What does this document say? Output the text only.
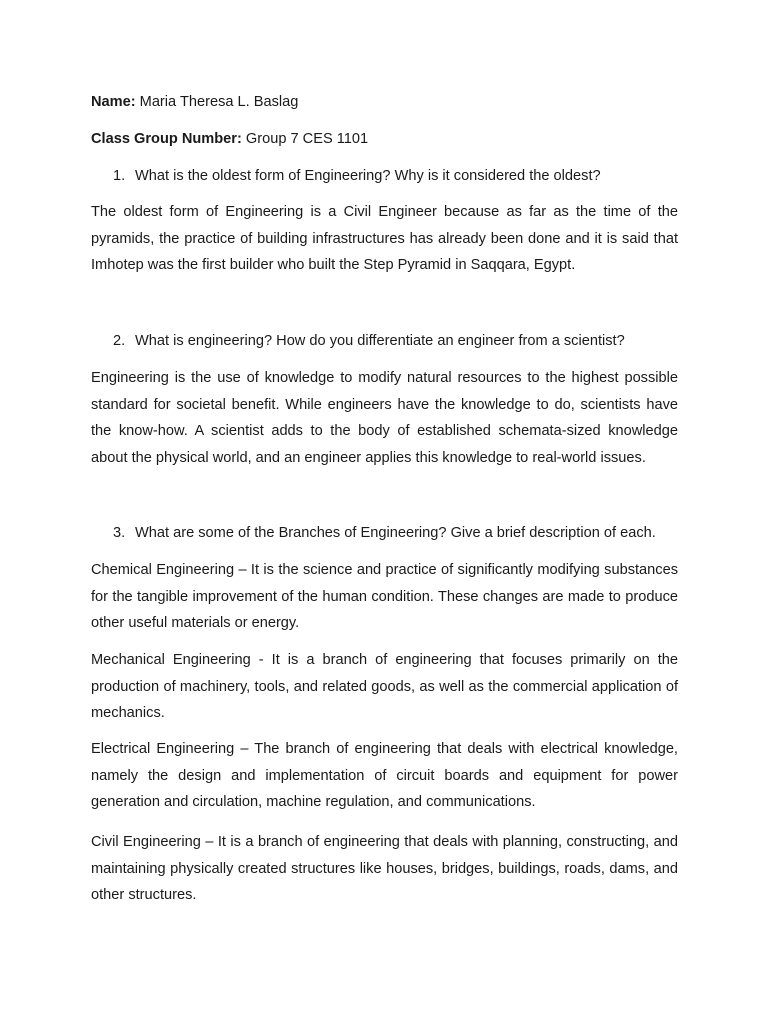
Name: Maria Theresa L. Baslag
Class Group Number: Group 7 CES 1101
1. What is the oldest form of Engineering? Why is it considered the oldest?

The oldest form of Engineering is a Civil Engineer because as far as the time of the pyramids, the practice of building infrastructures has already been done and it is said that Imhotep was the first builder who built the Step Pyramid in Saqqara, Egypt.

2. What is engineering? How do you differentiate an engineer from a scientist?

Engineering is the use of knowledge to modify natural resources to the highest possible standard for societal benefit. While engineers have the knowledge to do, scientists have the know-how. A scientist adds to the body of established schemata-sized knowledge about the physical world, and an engineer applies this knowledge to real-world issues.

3. What are some of the Branches of Engineering? Give a brief description of each.

Chemical Engineering – It is the science and practice of significantly modifying substances for the tangible improvement of the human condition. These changes are made to produce other useful materials or energy.

Mechanical Engineering - It is a branch of engineering that focuses primarily on the production of machinery, tools, and related goods, as well as the commercial application of mechanics.

Electrical Engineering – The branch of engineering that deals with electrical knowledge, namely the design and implementation of circuit boards and equipment for power generation and circulation, machine regulation, and communications.

Civil Engineering – It is a branch of engineering that deals with planning, constructing, and maintaining physically created structures like houses, bridges, buildings, roads, dams, and other structures.
